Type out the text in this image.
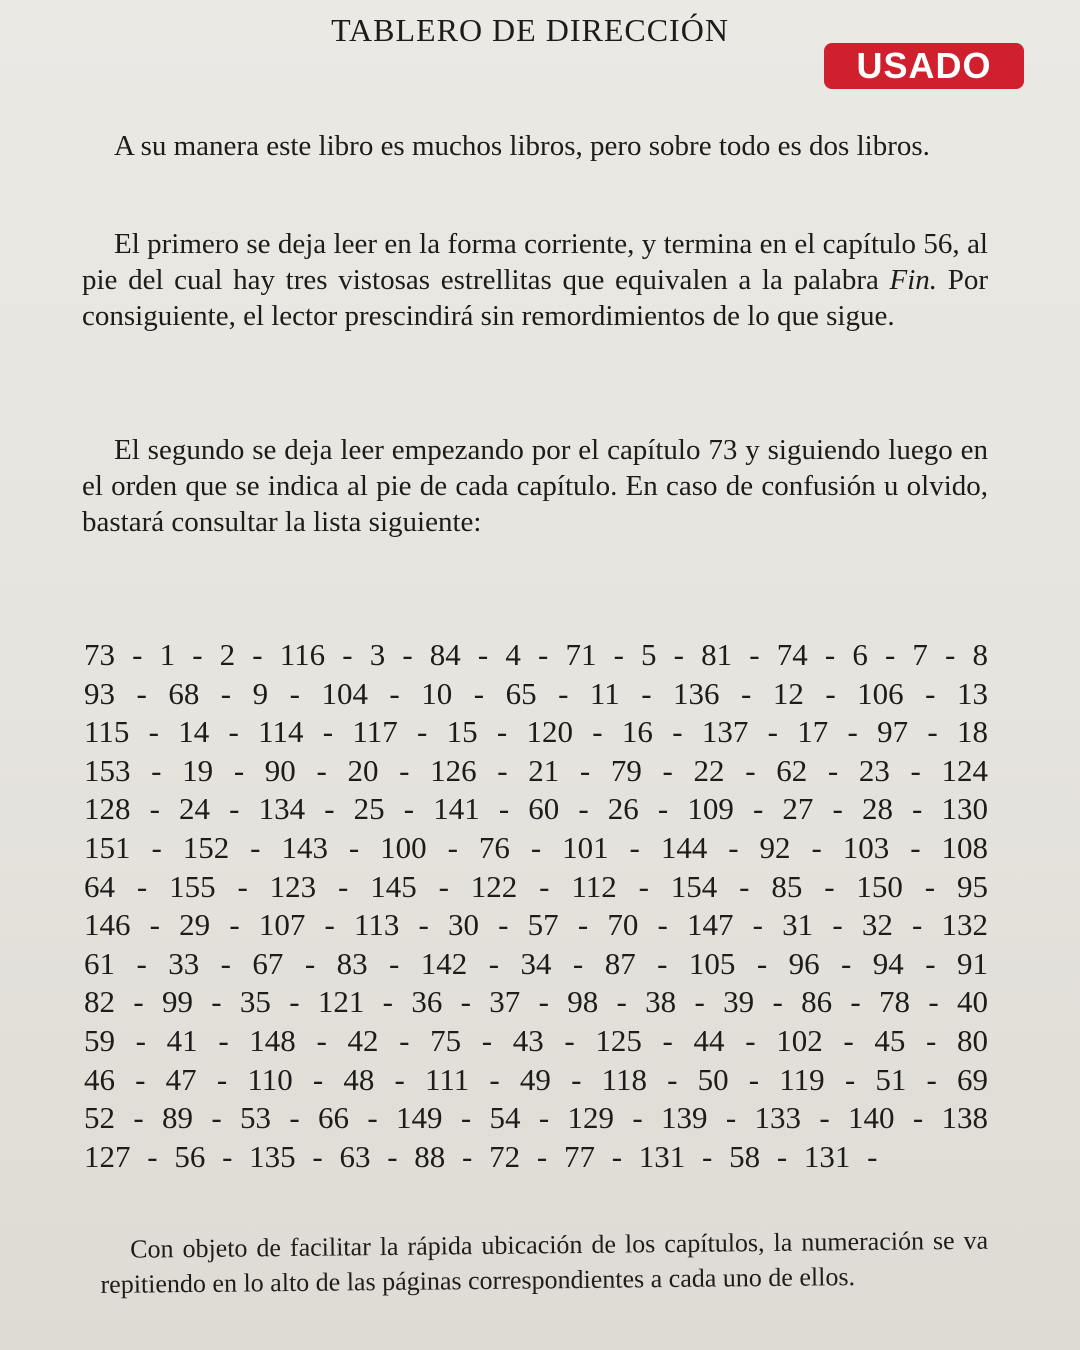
TABLERO DE DIRECCIÓN
USADO

A su manera este libro es muchos libros, pero sobre todo es dos libros.

El primero se deja leer en la forma corriente, y termina en el capítulo 56, al pie del cual hay tres vistosas estrellitas que equivalen a la palabra Fin. Por consiguiente, el lector prescindirá sin remordimientos de lo que sigue.

El segundo se deja leer empezando por el capítulo 73 y siguiendo luego en el orden que se indica al pie de cada capítulo. En caso de confusión u olvido, bastará consultar la lista siguiente:

73 - 1 - 2 - 116 - 3 - 84 - 4 - 71 - 5 - 81 - 74 - 6 - 7 - 8
93 - 68 - 9 - 104 - 10 - 65 - 11 - 136 - 12 - 106 - 13
115 - 14 - 114 - 117 - 15 - 120 - 16 - 137 - 17 - 97 - 18
153 - 19 - 90 - 20 - 126 - 21 - 79 - 22 - 62 - 23 - 124
128 - 24 - 134 - 25 - 141 - 60 - 26 - 109 - 27 - 28 - 130
151 - 152 - 143 - 100 - 76 - 101 - 144 - 92 - 103 - 108
64 - 155 - 123 - 145 - 122 - 112 - 154 - 85 - 150 - 95
146 - 29 - 107 - 113 - 30 - 57 - 70 - 147 - 31 - 32 - 132
61 - 33 - 67 - 83 - 142 - 34 - 87 - 105 - 96 - 94 - 91
82 - 99 - 35 - 121 - 36 - 37 - 98 - 38 - 39 - 86 - 78 - 40
59 - 41 - 148 - 42 - 75 - 43 - 125 - 44 - 102 - 45 - 80
46 - 47 - 110 - 48 - 111 - 49 - 118 - 50 - 119 - 51 - 69
52 - 89 - 53 - 66 - 149 - 54 - 129 - 139 - 133 - 140 - 138
127 - 56 - 135 - 63 - 88 - 72 - 77 - 131 - 58 - 131 -

Con objeto de facilitar la rápida ubicación de los capítulos, la numeración se va repitiendo en lo alto de las páginas correspondientes a cada uno de ellos.
